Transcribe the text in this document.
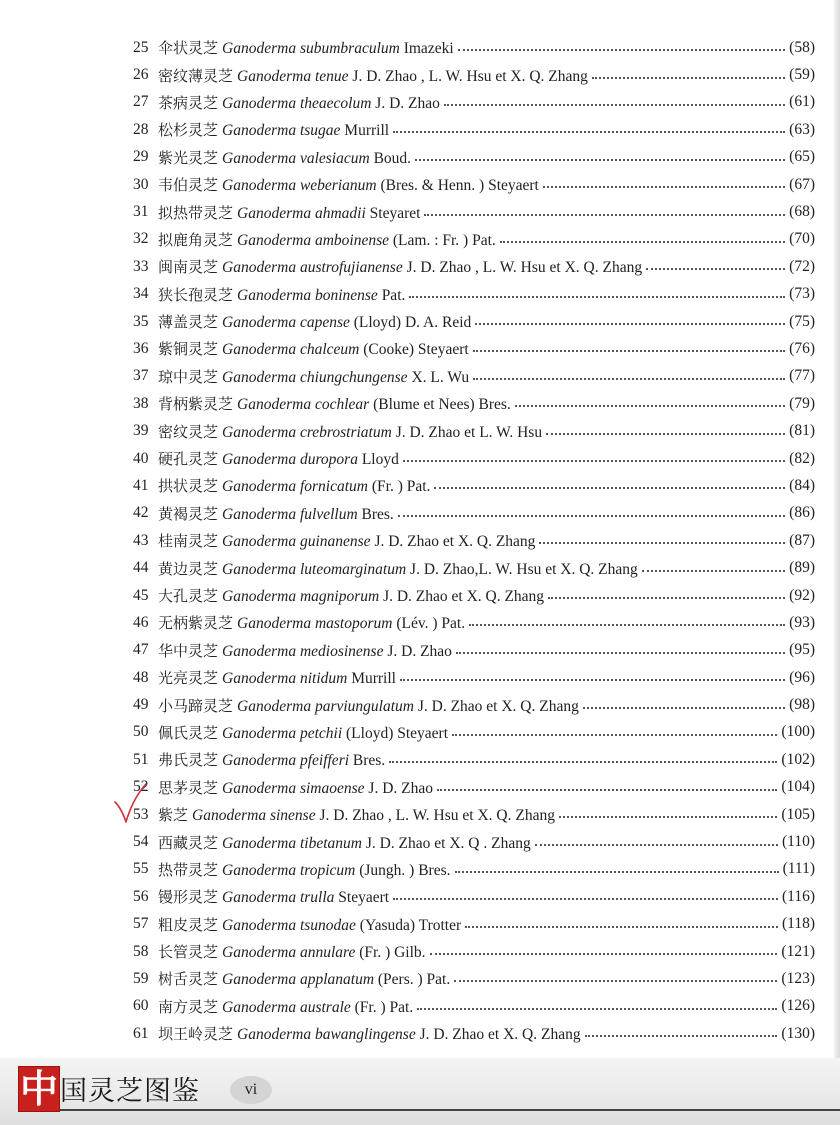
25 伞状灵芝 Ganoderma subumbraculum Imazeki	(58)
26 密纹薄灵芝 Ganoderma tenue J. D. Zhao , L. W. Hsu et X. Q. Zhang	(59)
27 茶病灵芝 Ganoderma theaecolum J. D. Zhao	(61)
28 松杉灵芝 Ganoderma tsugae Murrill	(63)
29 紫光灵芝 Ganoderma valesiacum Boud.	(65)
30 韦伯灵芝 Ganoderma weberianum (Bres. & Henn. ) Steyaert	(67)
31 拟热带灵芝 Ganoderma ahmadii Steyaret	(68)
32 拟鹿角灵芝 Ganoderma amboinense (Lam. : Fr. ) Pat.	(70)
33 闽南灵芝 Ganoderma austrofujianense J. D. Zhao , L. W. Hsu et X. Q. Zhang	(72)
34 狭长孢灵芝 Ganoderma boninense Pat.	(73)
35 薄盖灵芝 Ganoderma capense (Lloyd) D. A. Reid	(75)
36 紫铜灵芝 Ganoderma chalceum (Cooke) Steyaert	(76)
37 琼中灵芝 Ganoderma chiungchungense X. L. Wu	(77)
38 背柄紫灵芝 Ganoderma cochlear (Blume et Nees) Bres.	(79)
39 密纹灵芝 Ganoderma crebrostriatum J. D. Zhao et L. W. Hsu	(81)
40 硬孔灵芝 Ganoderma duropora Lloyd	(82)
41 拱状灵芝 Ganoderma fornicatum (Fr. ) Pat.	(84)
42 黄褐灵芝 Ganoderma fulvellum Bres.	(86)
43 桂南灵芝 Ganoderma guinanense J. D. Zhao et X. Q. Zhang	(87)
44 黄边灵芝 Ganoderma luteomarginatum J. D. Zhao,L. W. Hsu et X. Q. Zhang	(89)
45 大孔灵芝 Ganoderma magniporum J. D. Zhao et X. Q. Zhang	(92)
46 无柄紫灵芝 Ganoderma mastoporum (Lév. ) Pat.	(93)
47 华中灵芝 Ganoderma mediosinense J. D. Zhao	(95)
48 光亮灵芝 Ganoderma nitidum Murrill	(96)
49 小马蹄灵芝 Ganoderma parviungulatum J. D. Zhao et X. Q. Zhang	(98)
50 佩氏灵芝 Ganoderma petchii (Lloyd) Steyaert	(100)
51 弗氏灵芝 Ganoderma pfeifferi Bres.	(102)
52 思茅灵芝 Ganoderma simaoense J. D. Zhao	(104)
53 紫芝 Ganoderma sinense J. D. Zhao , L. W. Hsu et X. Q. Zhang	(105)
54 西藏灵芝 Ganoderma tibetanum J. D. Zhao et X. Q . Zhang	(110)
55 热带灵芝 Ganoderma tropicum (Jungh. ) Bres.	(111)
56 镘形灵芝 Ganoderma trulla Steyaert	(116)
57 粗皮灵芝 Ganoderma tsunodae (Yasuda) Trotter	(118)
58 长管灵芝 Ganoderma annulare (Fr. ) Gilb.	(121)
59 树舌灵芝 Ganoderma applanatum (Pers. ) Pat.	(123)
60 南方灵芝 Ganoderma australe (Fr. ) Pat.	(126)
61 坝王岭灵芝 Ganoderma bawanglingense J. D. Zhao et X. Q. Zhang	(130)
中 国灵芝图鉴	vi
